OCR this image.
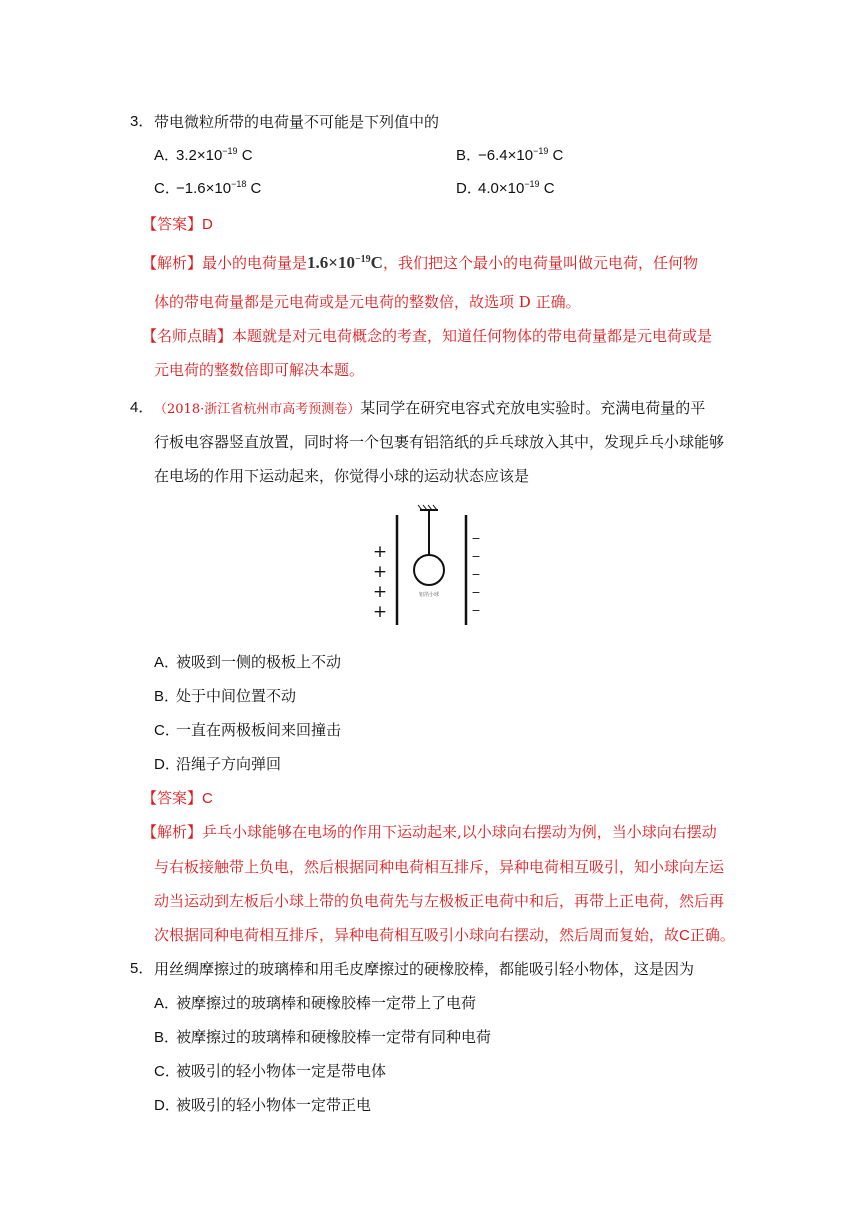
3． 带电微粒所带的电荷量不可能是下列值中的
A．$3.2\times 10^{-19}$ C	B．$-6.4\times 10^{-19}$ C
C．$-1.6\times 10^{-18}$ C	D．$4.0\times 10^{-19}$ C
【答案】D
【解析】最小的电荷量是$1.6\times 10^{-19}C$，我们把这个最小的电荷量叫做元电荷，任何物
体的带电荷量都是元电荷或是元电荷的整数倍，故选项 D 正确。
【名师点睛】本题就是对元电荷概念的考查，知道任何物体的带电荷量都是元电荷或是
元电荷的整数倍即可解决本题。
4． （2018·浙江省杭州市高考预测卷）某同学在研究电容式充放电实验时。充满电荷量的平
行板电容器竖直放置，同时将一个包裹有铝箔纸的乒乓球放入其中，发现乒乓小球能够
在电场的作用下运动起来，你觉得小球的运动状态应该是
铝箔小球
+
+
+
+
−
−
−
−
−
A．被吸到一侧的极板上不动
B．处于中间位置不动
C．一直在两极板间来回撞击
D．沿绳子方向弹回
【答案】C
【解析】乒乓小球能够在电场的作用下运动起来,以小球向右摆动为例，当小球向右摆动
与右板接触带上负电，然后根据同种电荷相互排斥，异种电荷相互吸引，知小球向左运
动当运动到左板后小球上带的负电荷先与左极板正电荷中和后，再带上正电荷，然后再
次根据同种电荷相互排斥，异种电荷相互吸引小球向右摆动，然后周而复始，故C正确。
5． 用丝绸摩擦过的玻璃棒和用毛皮摩擦过的硬橡胶棒，都能吸引轻小物体，这是因为
A．被摩擦过的玻璃棒和硬橡胶棒一定带上了电荷
B．被摩擦过的玻璃棒和硬橡胶棒一定带有同种电荷
C．被吸引的轻小物体一定是带电体
D．被吸引的轻小物体一定带正电
